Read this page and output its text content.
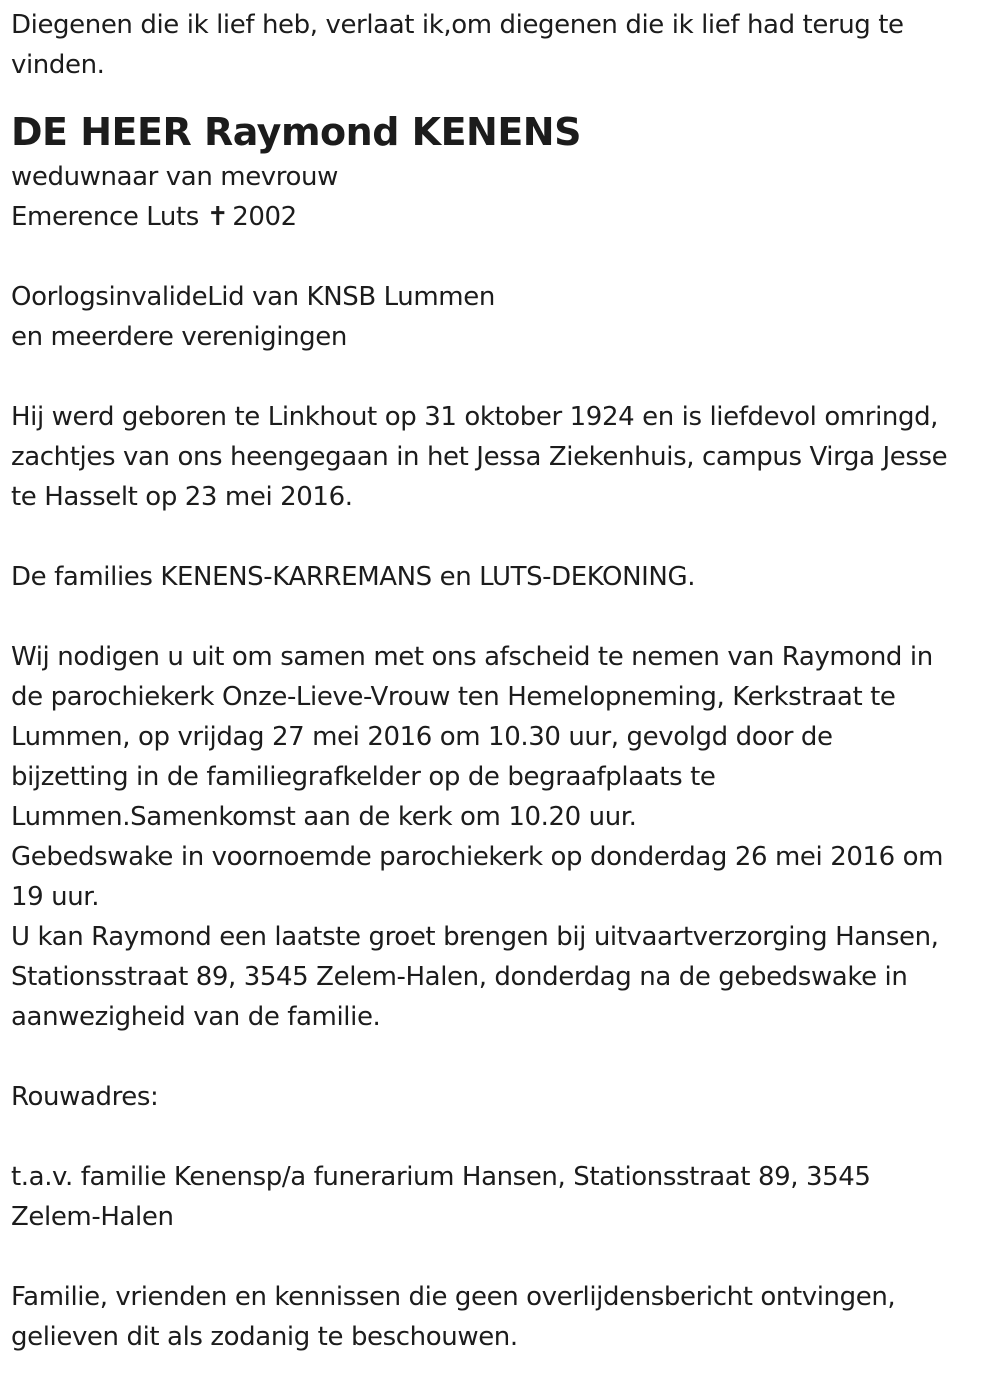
Diegenen die ik lief heb, verlaat ik,om diegenen die ik lief had terug te
vinden.
DE HEER Raymond KENENS
weduwnaar van mevrouw
Emerence Luts ✝ 2002
OorlogsinvalideLid van KNSB Lummen
en meerdere verenigingen
Hij werd geboren te Linkhout op 31 oktober 1924 en is liefdevol omringd,
zachtjes van ons heengegaan in het Jessa Ziekenhuis, campus Virga Jesse
te Hasselt op 23 mei 2016.
De families KENENS-KARREMANS en LUTS-DEKONING.
Wij nodigen u uit om samen met ons afscheid te nemen van Raymond in
de parochiekerk Onze-Lieve-Vrouw ten Hemelopneming, Kerkstraat te
Lummen, op vrijdag 27 mei 2016 om 10.30 uur, gevolgd door de
bijzetting in de familiegrafkelder op de begraafplaats te
Lummen.Samenkomst aan de kerk om 10.20 uur.
Gebedswake in voornoemde parochiekerk op donderdag 26 mei 2016 om
19 uur.
U kan Raymond een laatste groet brengen bij uitvaartverzorging Hansen,
Stationsstraat 89, 3545 Zelem-Halen, donderdag na de gebedswake in
aanwezigheid van de familie.
Rouwadres:
t.a.v. familie Kenensp/a funerarium Hansen, Stationsstraat 89, 3545
Zelem-Halen
Familie, vrienden en kennissen die geen overlijdensbericht ontvingen,
gelieven dit als zodanig te beschouwen.
